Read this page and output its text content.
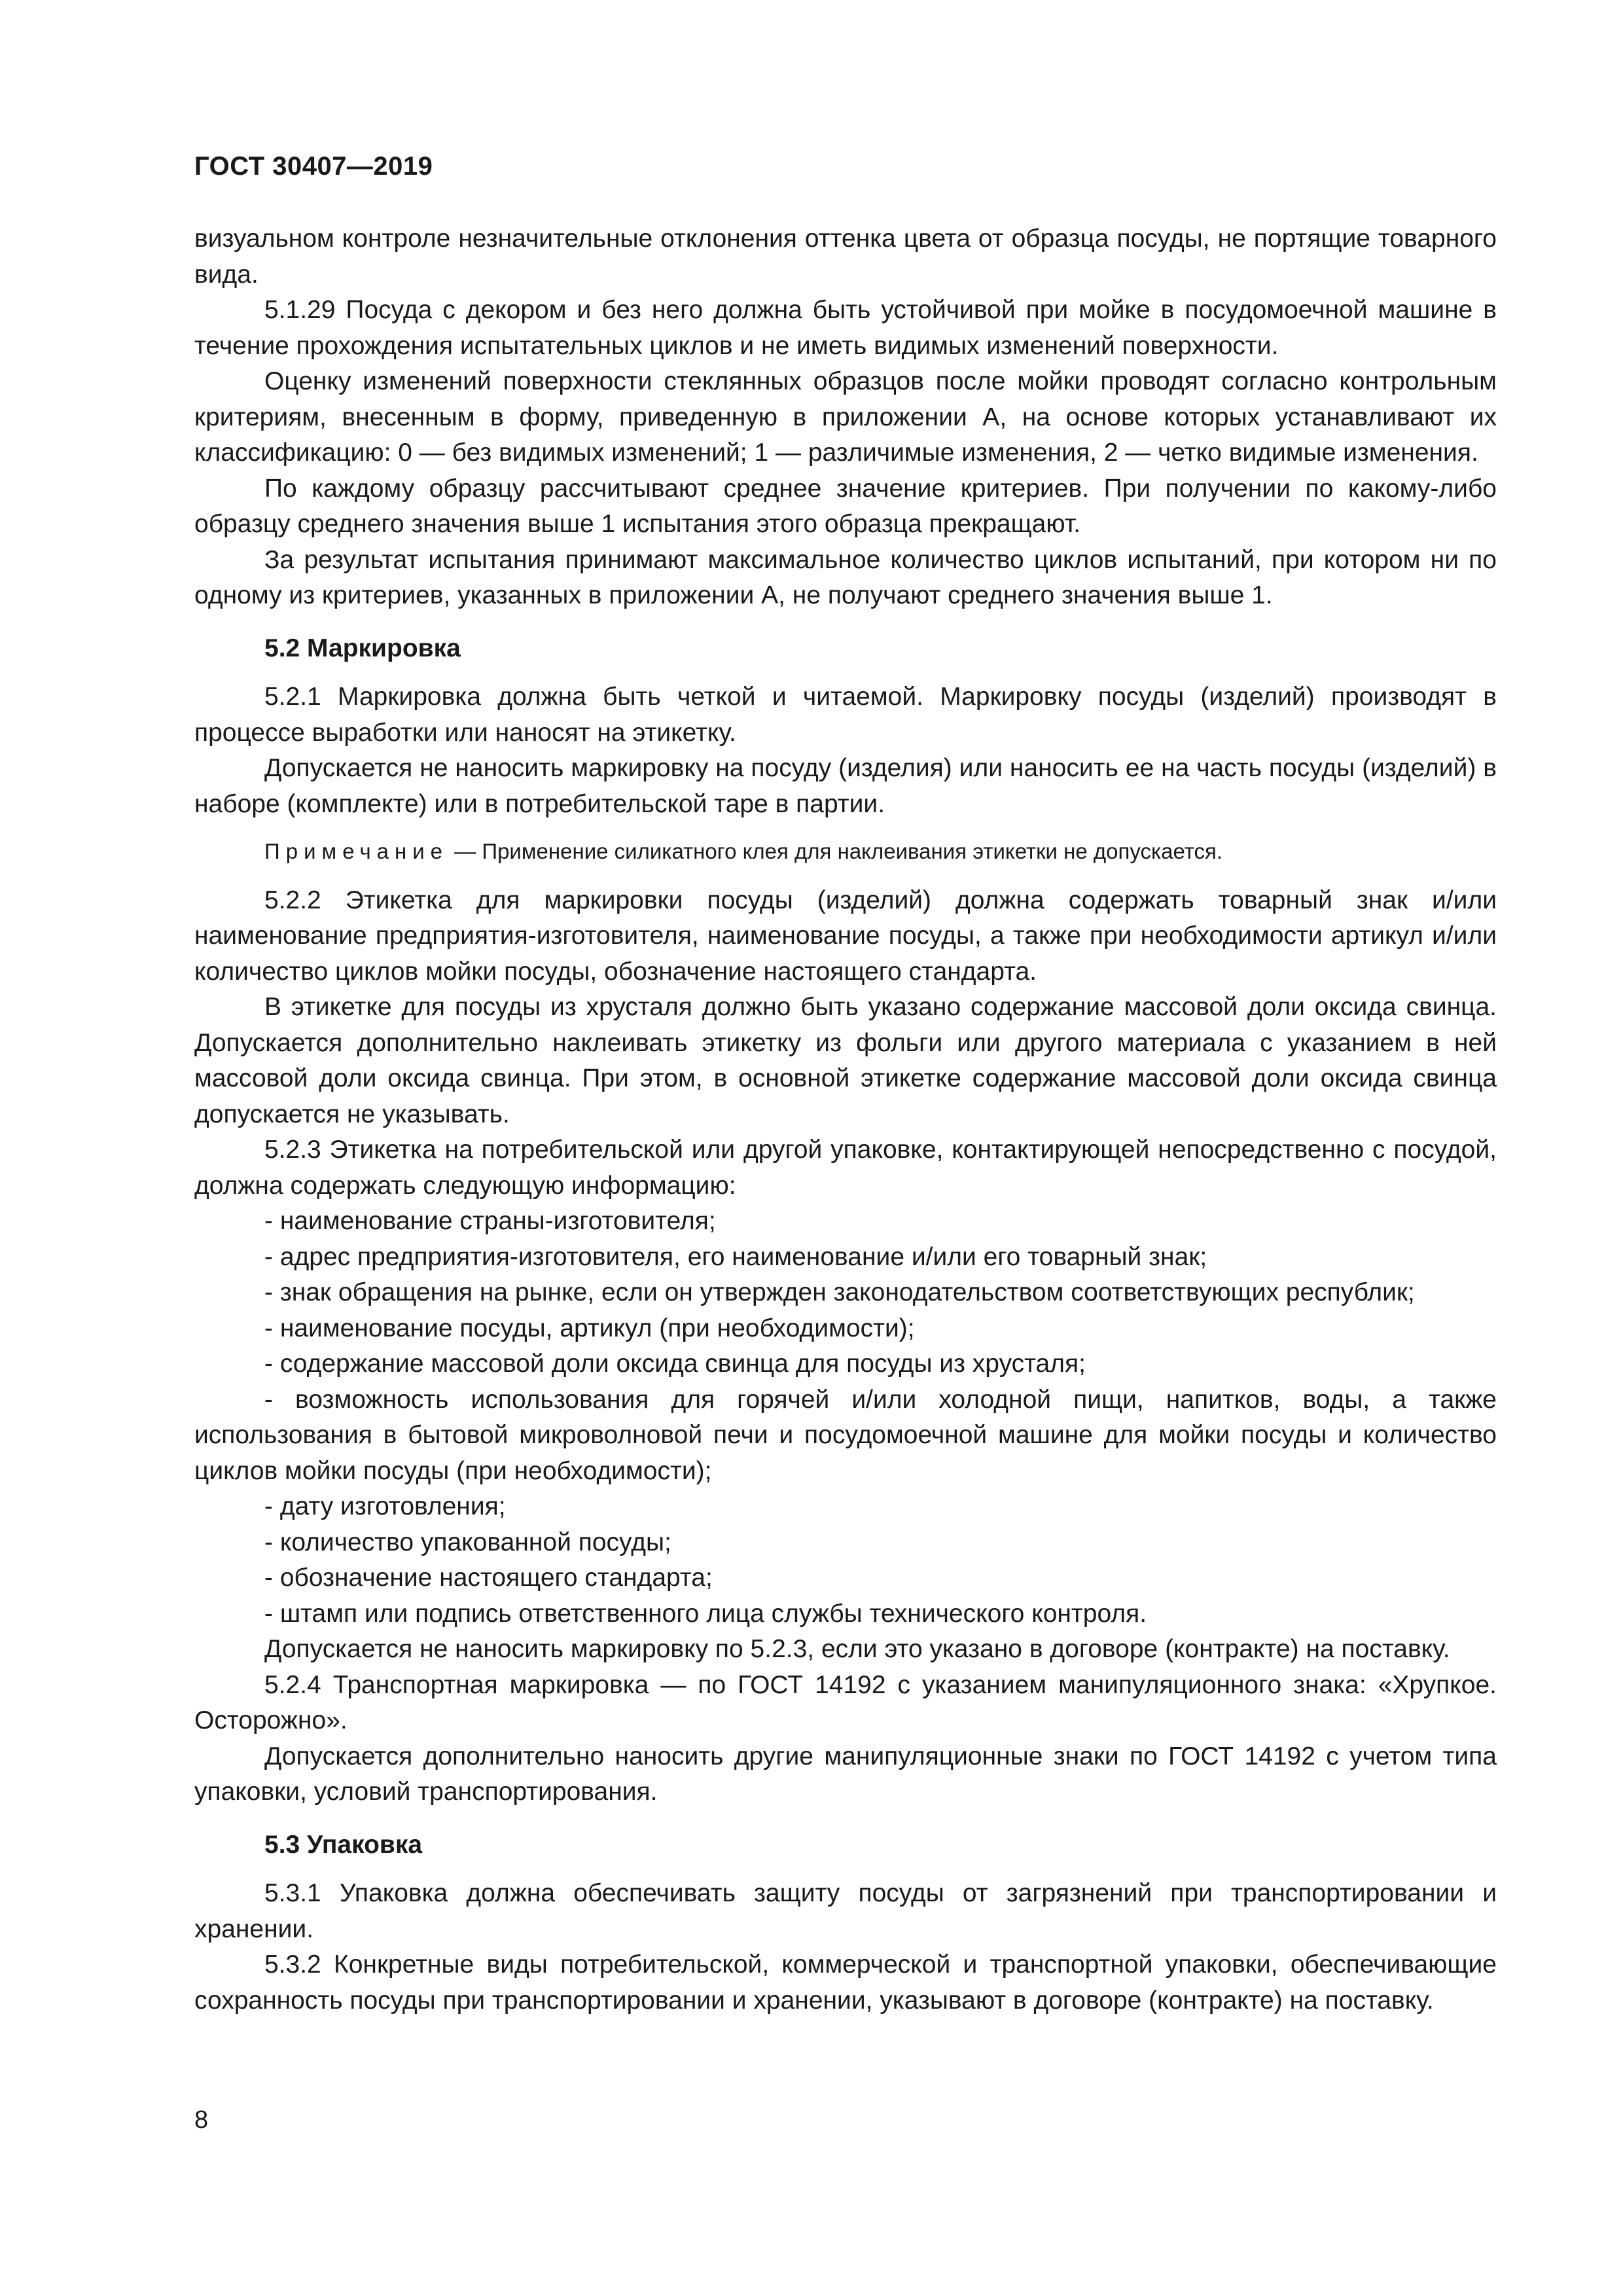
ГОСТ 30407—2019

визуальном контроле незначительные отклонения оттенка цвета от образца посуды, не портящие товарного вида.

5.1.29 Посуда с декором и без него должна быть устойчивой при мойке в посудомоечной машине в течение прохождения испытательных циклов и не иметь видимых изменений поверхности.

Оценку изменений поверхности стеклянных образцов после мойки проводят согласно контрольным критериям, внесенным в форму, приведенную в приложении А, на основе которых устанавливают их классификацию: 0 — без видимых изменений; 1 — различимые изменения, 2 — четко видимые изменения.

По каждому образцу рассчитывают среднее значение критериев. При получении по какому-либо образцу среднего значения выше 1 испытания этого образца прекращают.

За результат испытания принимают максимальное количество циклов испытаний, при котором ни по одному из критериев, указанных в приложении А, не получают среднего значения выше 1.

5.2 Маркировка

5.2.1 Маркировка должна быть четкой и читаемой. Маркировку посуды (изделий) производят в процессе выработки или наносят на этикетку.

Допускается не наносить маркировку на посуду (изделия) или наносить ее на часть посуды (изделий) в наборе (комплекте) или в потребительской таре в партии.

Примечание — Применение силикатного клея для наклеивания этикетки не допускается.

5.2.2 Этикетка для маркировки посуды (изделий) должна содержать товарный знак и/или наименование предприятия-изготовителя, наименование посуды, а также при необходимости артикул и/или количество циклов мойки посуды, обозначение настоящего стандарта.

В этикетке для посуды из хрусталя должно быть указано содержание массовой доли оксида свинца. Допускается дополнительно наклеивать этикетку из фольги или другого материала с указанием в ней массовой доли оксида свинца. При этом, в основной этикетке содержание массовой доли оксида свинца допускается не указывать.

5.2.3 Этикетка на потребительской или другой упаковке, контактирующей непосредственно с посудой, должна содержать следующую информацию:

- наименование страны-изготовителя;

- адрес предприятия-изготовителя, его наименование и/или его товарный знак;

- знак обращения на рынке, если он утвержден законодательством соответствующих республик;

- наименование посуды, артикул (при необходимости);

- содержание массовой доли оксида свинца для посуды из хрусталя;

- возможность использования для горячей и/или холодной пищи, напитков, воды, а также использования в бытовой микроволновой печи и посудомоечной машине для мойки посуды и количество циклов мойки посуды (при необходимости);

- дату изготовления;

- количество упакованной посуды;

- обозначение настоящего стандарта;

- штамп или подпись ответственного лица службы технического контроля.

Допускается не наносить маркировку по 5.2.3, если это указано в договоре (контракте) на поставку.

5.2.4 Транспортная маркировка — по ГОСТ 14192 с указанием манипуляционного знака: «Хрупкое. Осторожно».

Допускается дополнительно наносить другие манипуляционные знаки по ГОСТ 14192 с учетом типа упаковки, условий транспортирования.

5.3 Упаковка

5.3.1 Упаковка должна обеспечивать защиту посуды от загрязнений при транспортировании и хранении.

5.3.2 Конкретные виды потребительской, коммерческой и транспортной упаковки, обеспечивающие сохранность посуды при транспортировании и хранении, указывают в договоре (контракте) на поставку.

8
